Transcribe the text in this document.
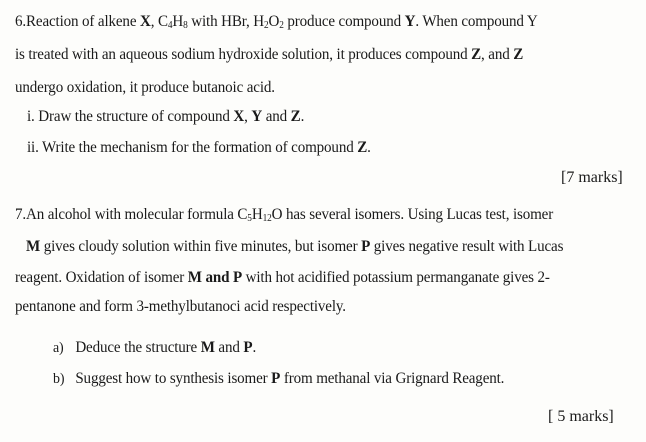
6.Reaction of alkene X, $C_4H_8$ with HBr, $H_2O_2$ produce compound Y. When compound Y
is treated with an aqueous sodium hydroxide solution, it produces compound Z, and Z
undergo oxidation, it produce butanoic acid.
i. Draw the structure of compound X, Y and Z.
ii. Write the mechanism for the formation of compound Z.
[7 marks]
7.An alcohol with molecular formula $C_5H_{12}O$ has several isomers. Using Lucas test, isomer
M gives cloudy solution within five minutes, but isomer P gives negative result with Lucas
reagent. Oxidation of isomer M and P with hot acidified potassium permanganate gives 2-
pentanone and form 3-methylbutanoci acid respectively.
a) Deduce the structure M and P.
b) Suggest how to synthesis isomer P from methanal via Grignard Reagent.
[ 5 marks]
